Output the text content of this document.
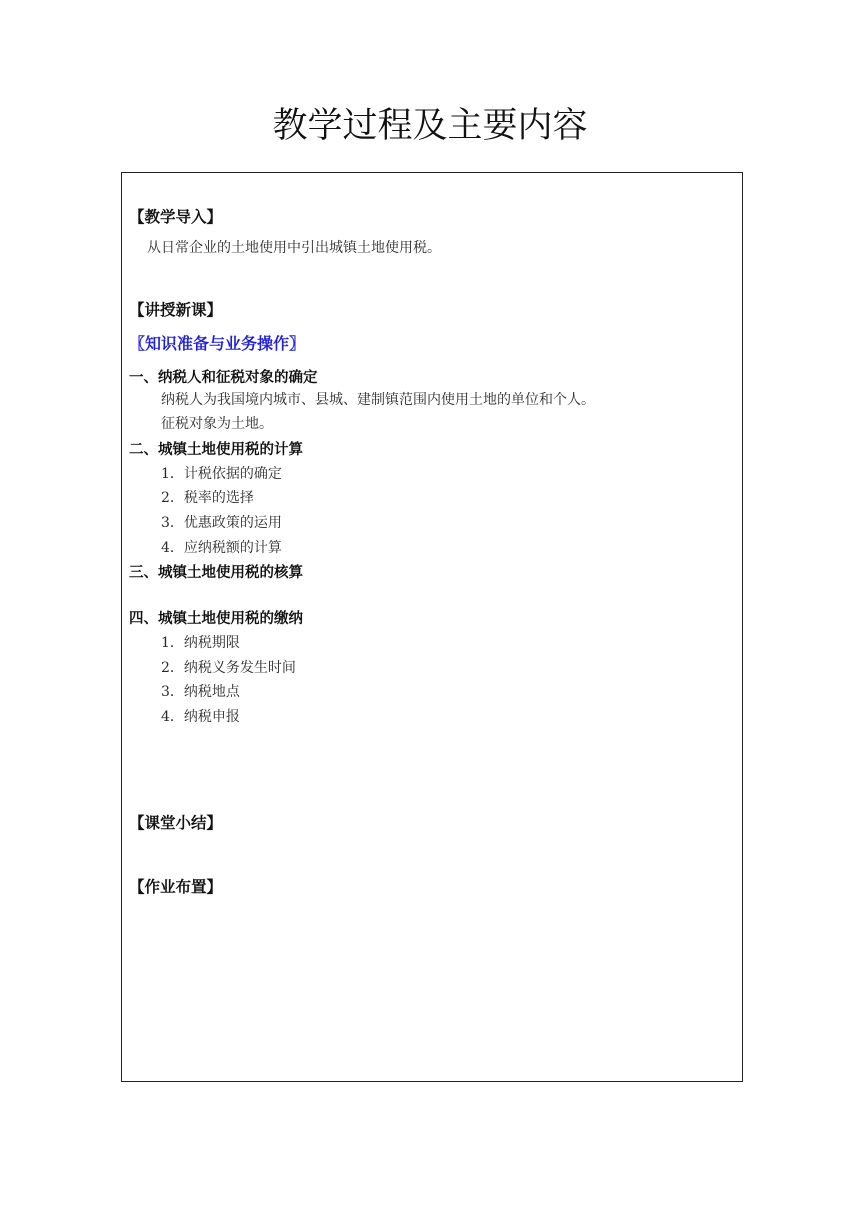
教学过程及主要内容
【教学导入】
从日常企业的土地使用中引出城镇土地使用税。
【讲授新课】
〖知识准备与业务操作〗
一、纳税人和征税对象的确定
纳税人为我国境内城市、县城、建制镇范围内使用土地的单位和个人。
征税对象为土地。
二、城镇土地使用税的计算
1．计税依据的确定
2．税率的选择
3．优惠政策的运用
4．应纳税额的计算
三、城镇土地使用税的核算
四、城镇土地使用税的缴纳
1．纳税期限
2．纳税义务发生时间
3．纳税地点
4．纳税申报
【课堂小结】
【作业布置】
